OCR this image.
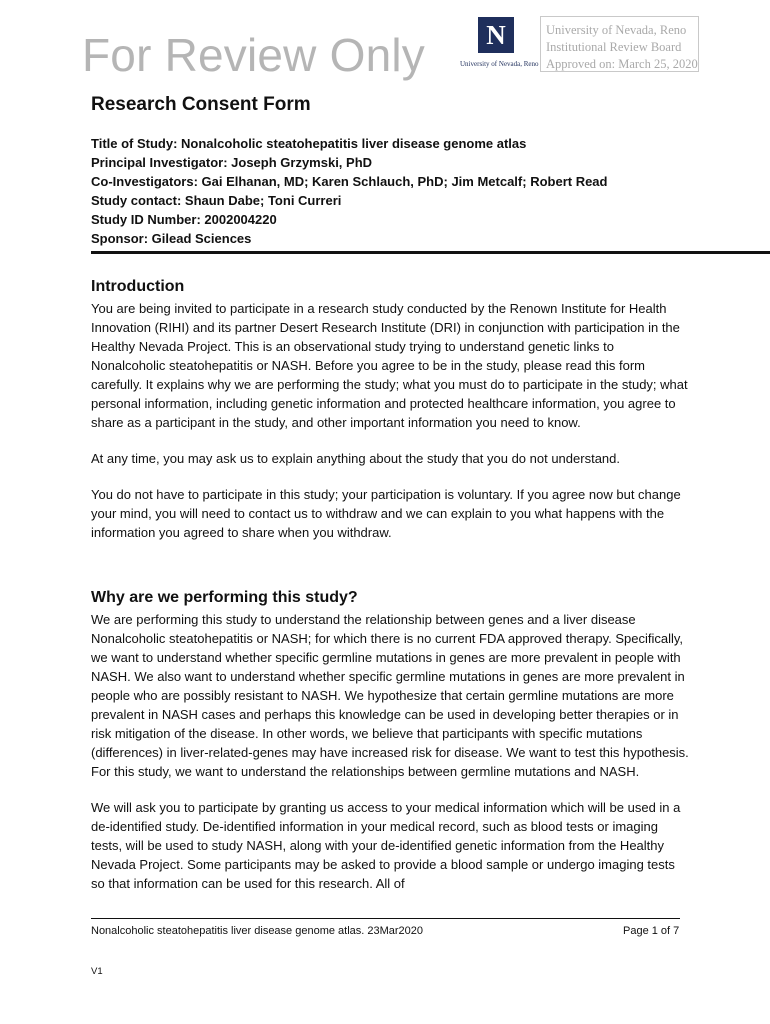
For Review Only N
University of Nevada, Reno
University of Nevada, Reno
Institutional Review Board
Approved on: March 25, 2020
Research Consent Form
Title of Study: Nonalcoholic steatohepatitis liver disease genome atlas
Principal Investigator: Joseph Grzymski, PhD
Co-Investigators: Gai Elhanan, MD; Karen Schlauch, PhD; Jim Metcalf; Robert Read
Study contact: Shaun Dabe; Toni Curreri
Study ID Number: 2002004220
Sponsor: Gilead Sciences
Introduction

You are being invited to participate in a research study conducted by the Renown Institute for Health Innovation (RIHI) and its partner Desert Research Institute (DRI) in conjunction with participation in the Healthy Nevada Project. This is an observational study trying to understand genetic links to Nonalcoholic steatohepatitis or NASH. Before you agree to be in the study, please read this form carefully. It explains why we are performing the study; what you must do to participate in the study; what personal information, including genetic information and protected healthcare information, you agree to share as a participant in the study, and other important information you need to know.

At any time, you may ask us to explain anything about the study that you do not understand.

You do not have to participate in this study; your participation is voluntary. If you agree now but change your mind, you will need to contact us to withdraw and we can explain to you what happens with the information you agreed to share when you withdraw.

Why are we performing this study?

We are performing this study to understand the relationship between genes and a liver disease Nonalcoholic steatohepatitis or NASH; for which there is no current FDA approved therapy. Specifically, we want to understand whether specific germline mutations in genes are more prevalent in people with NASH. We also want to understand whether specific germline mutations in genes are more prevalent in people who are possibly resistant to NASH. We hypothesize that certain germline mutations are more prevalent in NASH cases and perhaps this knowledge can be used in developing better therapies or in risk mitigation of the disease. In other words, we believe that participants with specific mutations (differences) in liver-related-genes may have increased risk for disease. We want to test this hypothesis. For this study, we want to understand the relationships between germline mutations and NASH.

We will ask you to participate by granting us access to your medical information which will be used in a de-identified study. De-identified information in your medical record, such as blood tests or imaging tests, will be used to study NASH, along with your de-identified genetic information from the Healthy Nevada Project. Some participants may be asked to provide a blood sample or undergo imaging tests so that information can be used for this research. All of

Nonalcoholic steatohepatitis liver disease genome atlas. 23Mar2020	Page 1 of 7
V1
